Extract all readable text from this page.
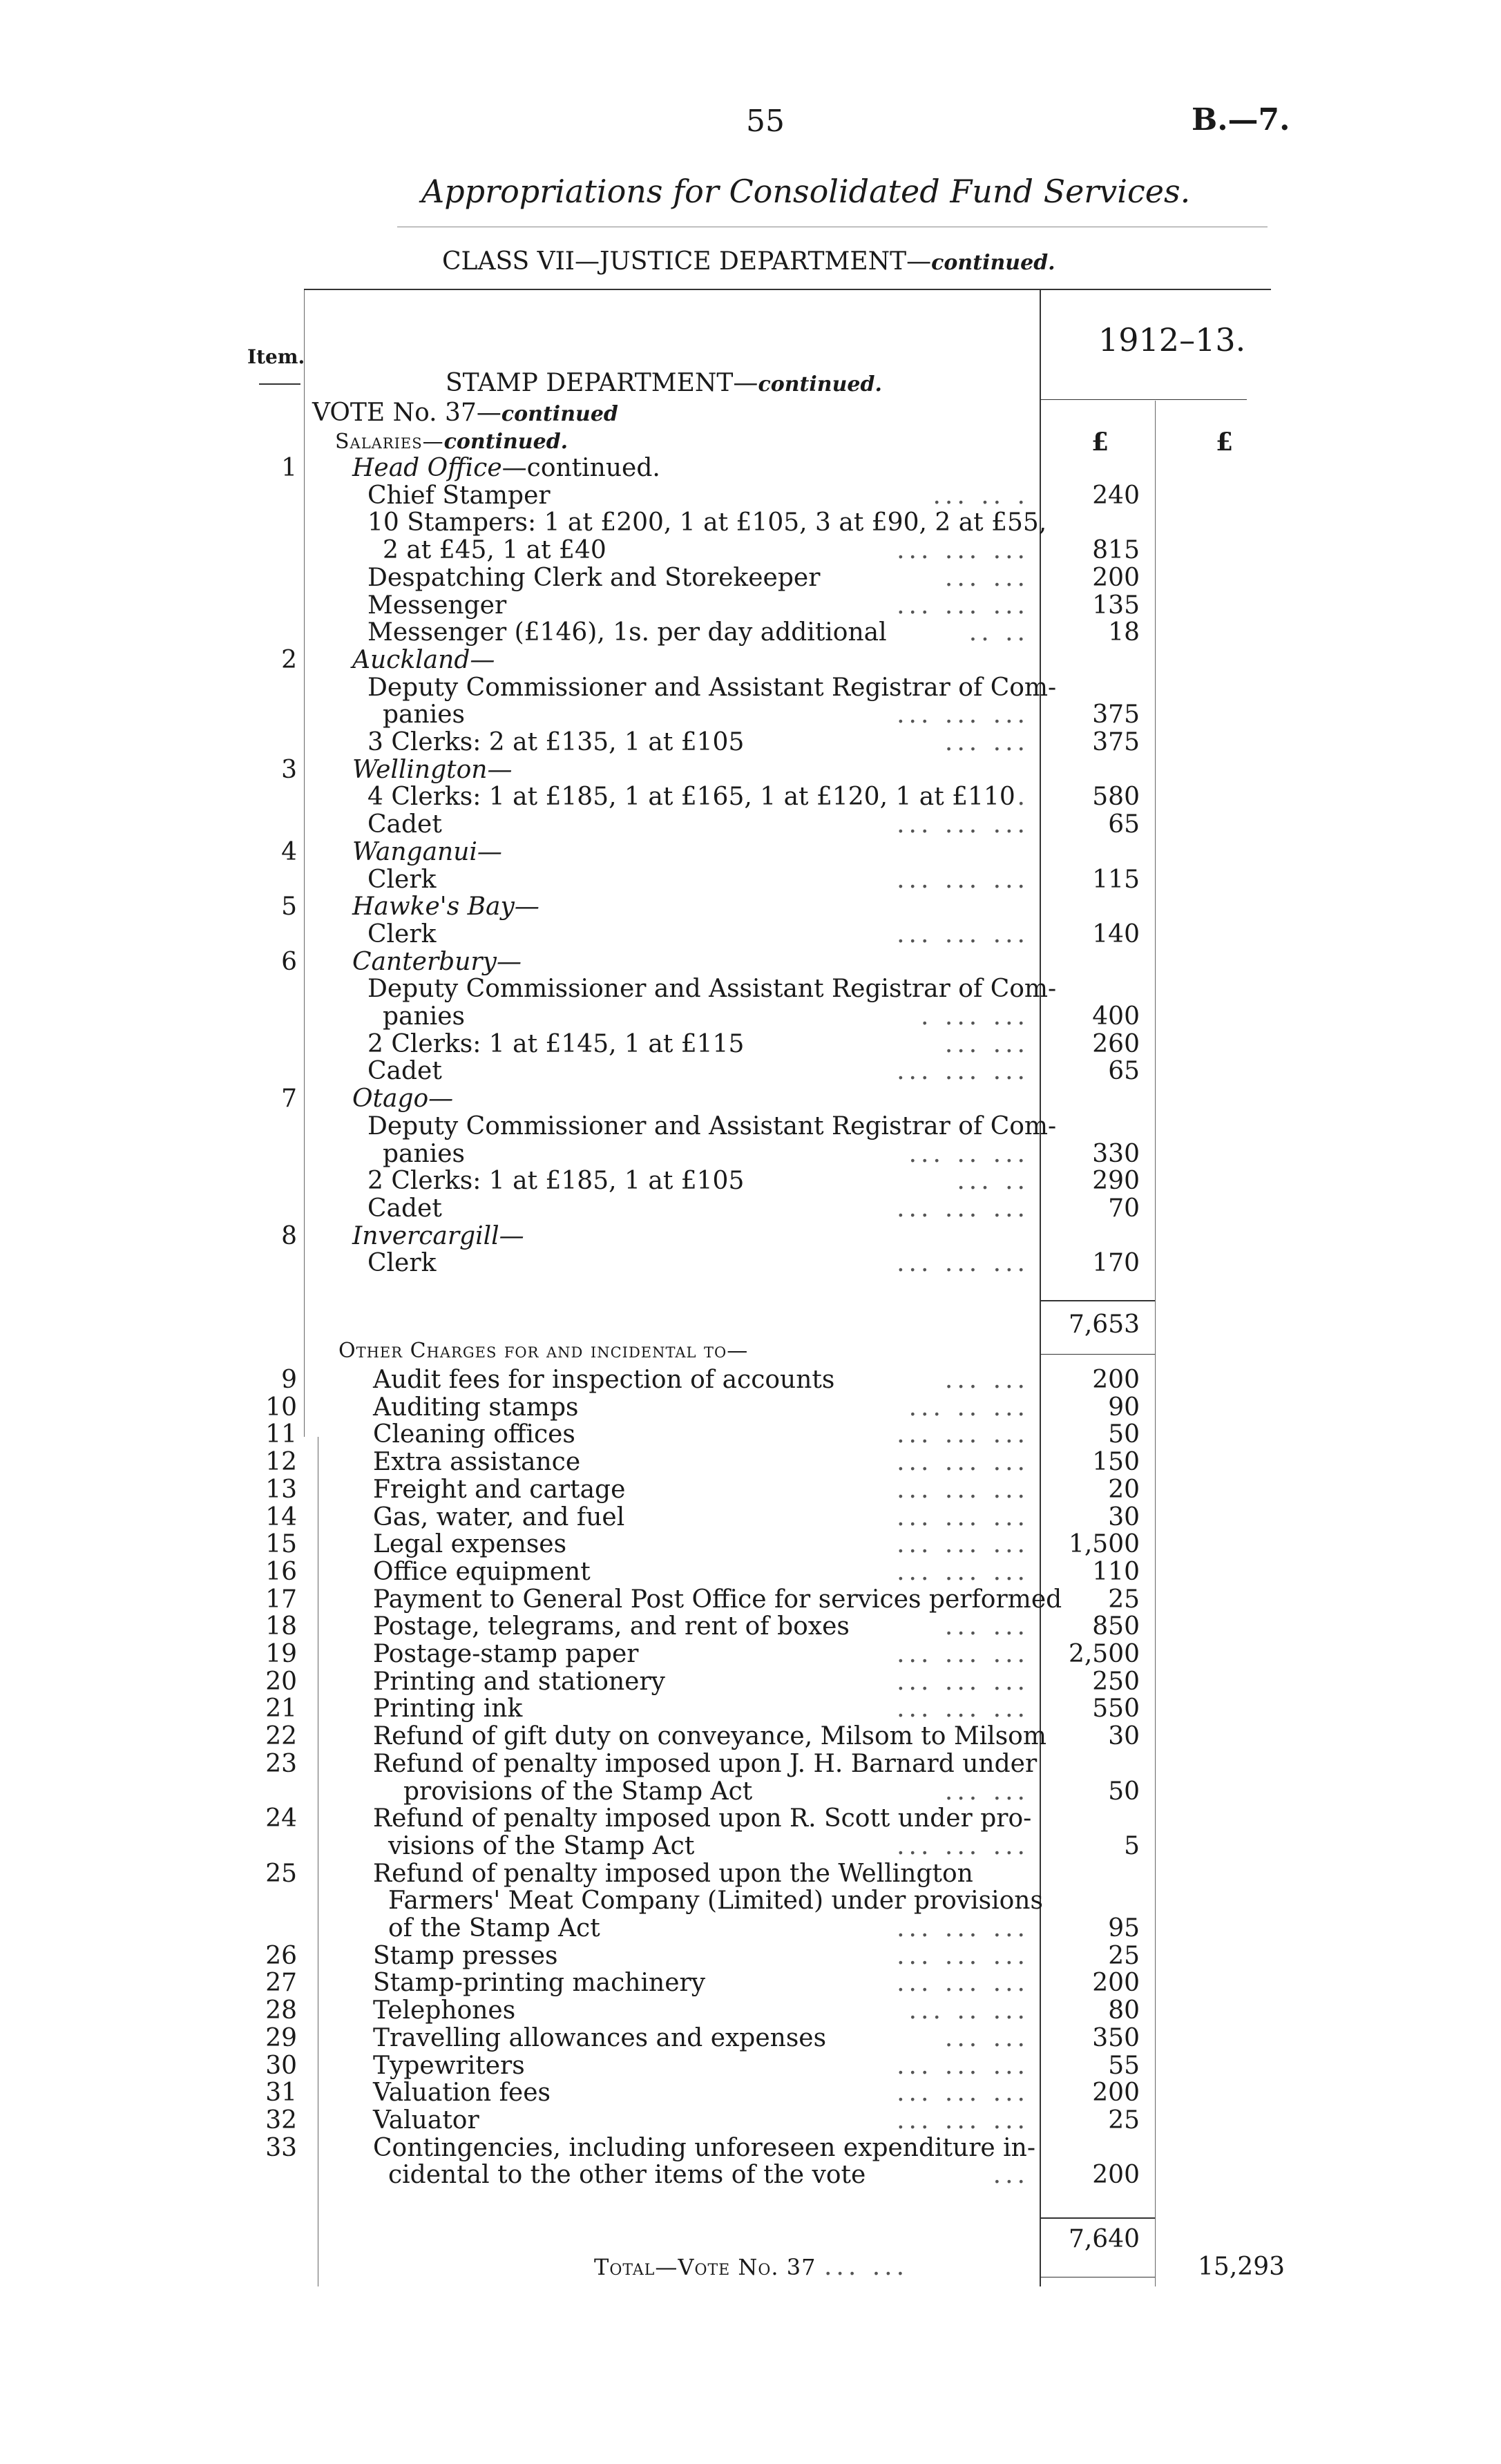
55	B.—7.
Appropriations for Consolidated Fund Services.
CLASS VII—JUSTICE DEPARTMENT—continued.
Item.	1912–13.
£	£
STAMP DEPARTMENT—continued.
VOTE No. 37—continued
Salaries—continued.
1 Head Office—continued.
Chief Stamper	... .. .	240
10 Stampers: 1 at £200, 1 at £105, 3 at £90, 2 at £55,
2 at £45, 1 at £40	... ... ...	815
Despatching Clerk and Storekeeper	... ...	200
Messenger	... ... ...	135
Messenger (£146), 1s. per day additional	.. ..	18
2 Auckland—
Deputy Commissioner and Assistant Registrar of Com-
panies	... ... ...	375
3 Clerks: 2 at £135, 1 at £105	... ...	375
3 Wellington—
4 Clerks: 1 at £185, 1 at £165, 1 at £120, 1 at £110 .	580
Cadet	... ... ...	65
4 Wanganui—
Clerk	... ... ...	115
5 Hawke's Bay—
Clerk	... ... ...	140
6 Canterbury—
Deputy Commissioner and Assistant Registrar of Com-
panies	. ... ...	400
2 Clerks: 1 at £145, 1 at £115	... ...	260
Cadet	... ... ...	65
7 Otago—
Deputy Commissioner and Assistant Registrar of Com-
panies	... .. ...	330
2 Clerks: 1 at £185, 1 at £105	... ..	290
Cadet	... ... ...	70
8 Invercargill—
Clerk	... ... ...	170
7,653
Other Charges for and incidental to—
9	Audit fees for inspection of accounts	... ...	200
10	Auditing stamps	... .. ...	90
11	Cleaning offices	... ... ...	50
12	Extra assistance	... ... ...	150
13	Freight and cartage	... ... ...	20
14	Gas, water, and fuel	... ... ...	30
15	Legal expenses	... ... ...	1,500
16	Office equipment	... ... ...	110
17	Payment to General Post Office for services performed	25
18	Postage, telegrams, and rent of boxes	... ...	850
19	Postage-stamp paper	... ... ...	2,500
20	Printing and stationery	... ... ...	250
21	Printing ink	... ... ...	550
22	Refund of gift duty on conveyance, Milsom to Milsom	30
23	Refund of penalty imposed upon J. H. Barnard under
provisions of the Stamp Act	... ...	50
24	Refund of penalty imposed upon R. Scott under pro-
visions of the Stamp Act	... ... ...	5
25	Refund of penalty imposed upon the Wellington
Farmers' Meat Company (Limited) under provisions
of the Stamp Act	... ... ...	95
26	Stamp presses	... ... ...	25
27	Stamp-printing machinery	... ... ...	200
28	Telephones	... .. ...	80
29	Travelling allowances and expenses	... ...	350
30	Typewriters	... ... ...	55
31	Valuation fees	... ... ...	200
32	Valuator	... ... ...	25
33	Contingencies, including unforeseen expenditure in-
cidental to the other items of the vote	...	200
7,640
Total—Vote No. 37 ... ...	15,293
